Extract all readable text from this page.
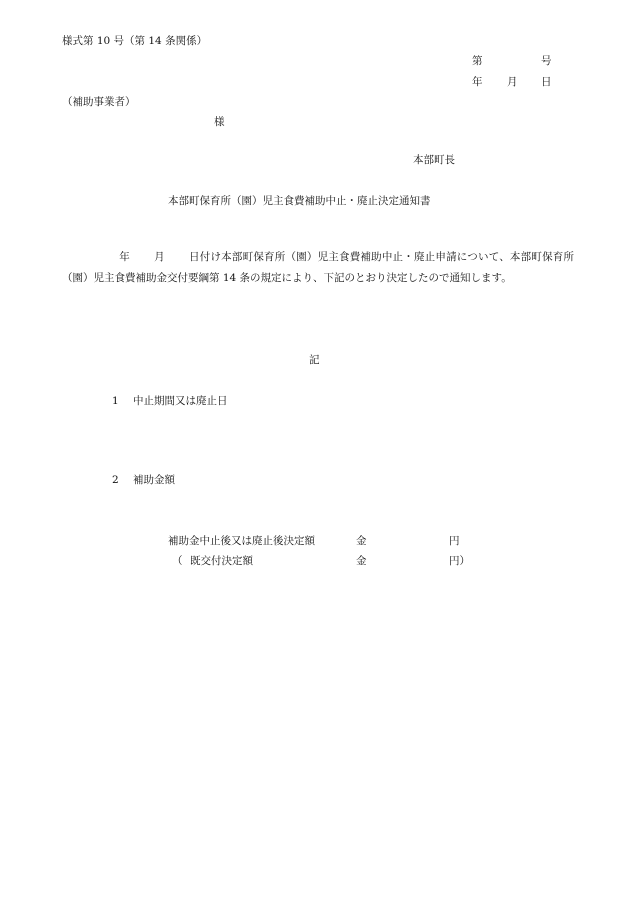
様式第 10 号（第 14 条関係）
第	号
年 月 日
（補助事業者）
様
本部町長
本部町保育所（園）児主食費補助中止・廃止決定通知書
年 月 日付け本部町保育所（園）児主食費補助中止・廃止申請について、本部町保育所（園）児主食費補助金交付要綱第 14 条の規定により、下記のとおり決定したので通知します。
記
1 中止期間又は廃止日
2 補助金額
補助金中止後又は廃止後決定額	金	円
（ 既交付決定額	金	円）
